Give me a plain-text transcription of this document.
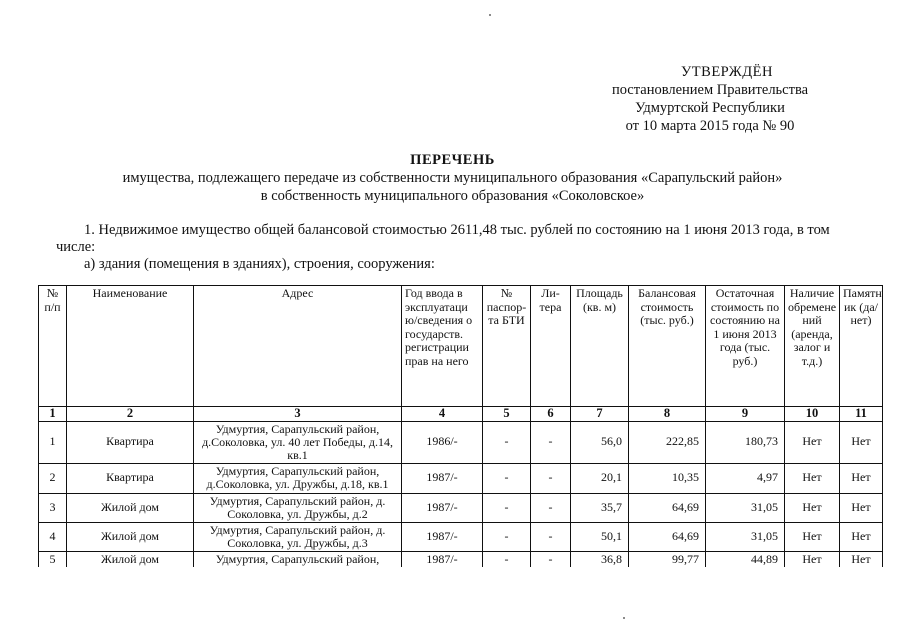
УТВЕРЖДЁН
постановлением Правительства
Удмуртской Республики
от 10 марта 2015 года № 90
ПЕРЕЧЕНЬ
имущества, подлежащего передаче из собственности муниципального образования «Сарапульский район»
в собственность муниципального образования «Соколовское»
1. Недвижимое имущество общей балансовой стоимостью 2611,48 тыс. рублей по состоянию на 1 июня 2013 года, в том числе:
а) здания (помещения в зданиях), строения, сооружения:
№ п/п	Наименование	Адрес	Год ввода в эксплуатаци ю/сведения о государств. регистрации прав на него	№ паспор-та БТИ	Ли-тера	Площадь (кв. м)	Балансовая стоимость (тыс. руб.)	Остаточная стоимость по состоянию на 1 июня 2013 года (тыс. руб.)	Наличие обремене ний (аренда, залог и т.д.)	Памятн ик (да/нет)
1	2	3	4	5	6	7	8	9	10	11
1	Квартира	Удмуртия, Сарапульский район, д.Соколовка, ул. 40 лет Победы, д.14, кв.1	1986/-	-	-	56,0	222,85	180,73	Нет	Нет
2	Квартира	Удмуртия, Сарапульский район, д.Соколовка, ул. Дружбы, д.18, кв.1	1987/-	-	-	20,1	10,35	4,97	Нет	Нет
3	Жилой дом	Удмуртия, Сарапульский район, д. Соколовка, ул. Дружбы, д.2	1987/-	-	-	35,7	64,69	31,05	Нет	Нет
4	Жилой дом	Удмуртия, Сарапульский район, д. Соколовка, ул. Дружбы, д.3	1987/-	-	-	50,1	64,69	31,05	Нет	Нет
5	Жилой дом	Удмуртия, Сарапульский район,	1987/-	-	-	36,8	99,77	44,89	Нет	Нет
